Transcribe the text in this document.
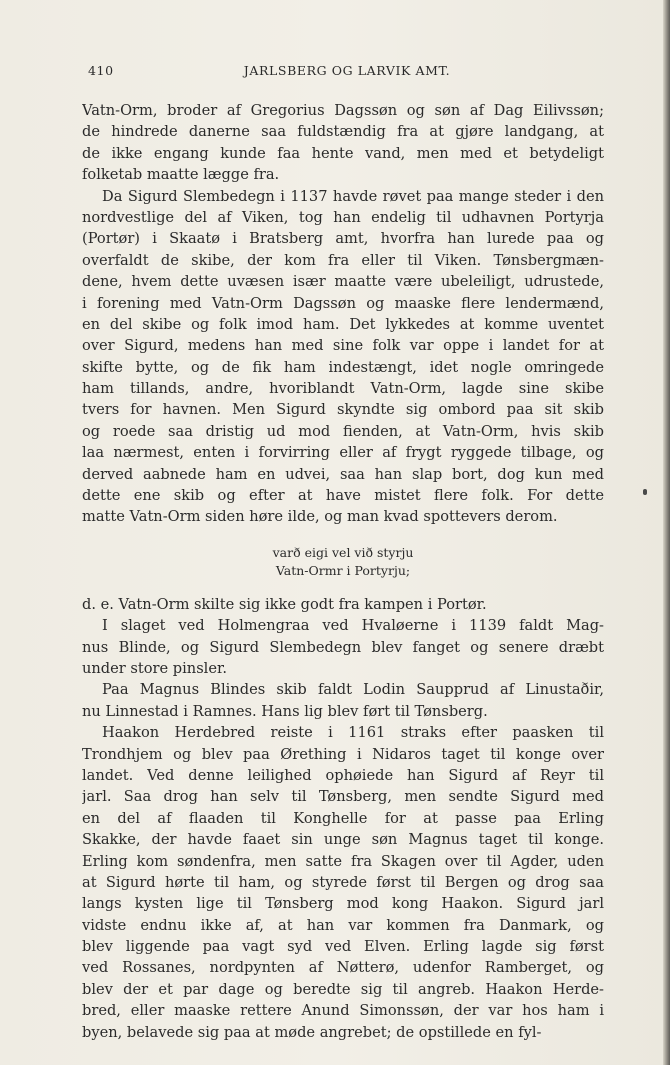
410	JARLSBERG OG LARVIK AMT.
Vatn-Orm, broder af Gregorius Dagssøn og søn af Dag Eilivssøn;
de hindrede danerne saa fuldstændig fra at gjøre landgang, at
de ikke engang kunde faa hente vand, men med et betydeligt
folketab maatte lægge fra.
Da Sigurd Slembedegn i 1137 havde røvet paa mange steder i den
nordvestlige del af Viken, tog han endelig til udhavnen Portyrja
(Portør) i Skaatø i Bratsberg amt, hvorfra han lurede paa og
overfaldt de skibe, der kom fra eller til Viken. Tønsbergmæn-
dene, hvem dette uvæsen især maatte være ubeleiligt, udrustede,
i forening med Vatn-Orm Dagssøn og maaske flere lendermænd,
en del skibe og folk imod ham. Det lykkedes at komme uventet
over Sigurd, medens han med sine folk var oppe i landet for at
skifte bytte, og de fik ham indestængt, idet nogle omringede
ham tillands, andre, hvoriblandt Vatn-Orm, lagde sine skibe
tvers for havnen. Men Sigurd skyndte sig ombord paa sit skib
og roede saa dristig ud mod fienden, at Vatn-Orm, hvis skib
laa nærmest, enten i forvirring eller af frygt ryggede tilbage, og
derved aabnede ham en udvei, saa han slap bort, dog kun med
dette ene skib og efter at have mistet flere folk. For dette
matte Vatn-Orm siden høre ilde, og man kvad spottevers derom.
varð eigi vel við styrju
Vatn-Ormr i Portyrju;
d. e. Vatn-Orm skilte sig ikke godt fra kampen i Portør.
I slaget ved Holmengraa ved Hvaløerne i 1139 faldt Mag-
nus Blinde, og Sigurd Slembedegn blev fanget og senere dræbt
under store pinsler.
Paa Magnus Blindes skib faldt Lodin Saupprud af Linustaðir,
nu Linnestad i Ramnes. Hans lig blev ført til Tønsberg.
Haakon Herdebred reiste i 1161 straks efter paasken til
Trondhjem og blev paa Ørething i Nidaros taget til konge over
landet. Ved denne leilighed ophøiede han Sigurd af Reyr til
jarl. Saa drog han selv til Tønsberg, men sendte Sigurd med
en del af flaaden til Konghelle for at passe paa Erling
Skakke, der havde faaet sin unge søn Magnus taget til konge.
Erling kom søndenfra, men satte fra Skagen over til Agder, uden
at Sigurd hørte til ham, og styrede først til Bergen og drog saa
langs kysten lige til Tønsberg mod kong Haakon. Sigurd jarl
vidste endnu ikke af, at han var kommen fra Danmark, og
blev liggende paa vagt syd ved Elven. Erling lagde sig først
ved Rossanes, nordpynten af Nøtterø, udenfor Ramberget, og
blev der et par dage og beredte sig til angreb. Haakon Herde-
bred, eller maaske rettere Anund Simonssøn, der var hos ham i
byen, belavede sig paa at møde angrebet; de opstillede en fyl-
